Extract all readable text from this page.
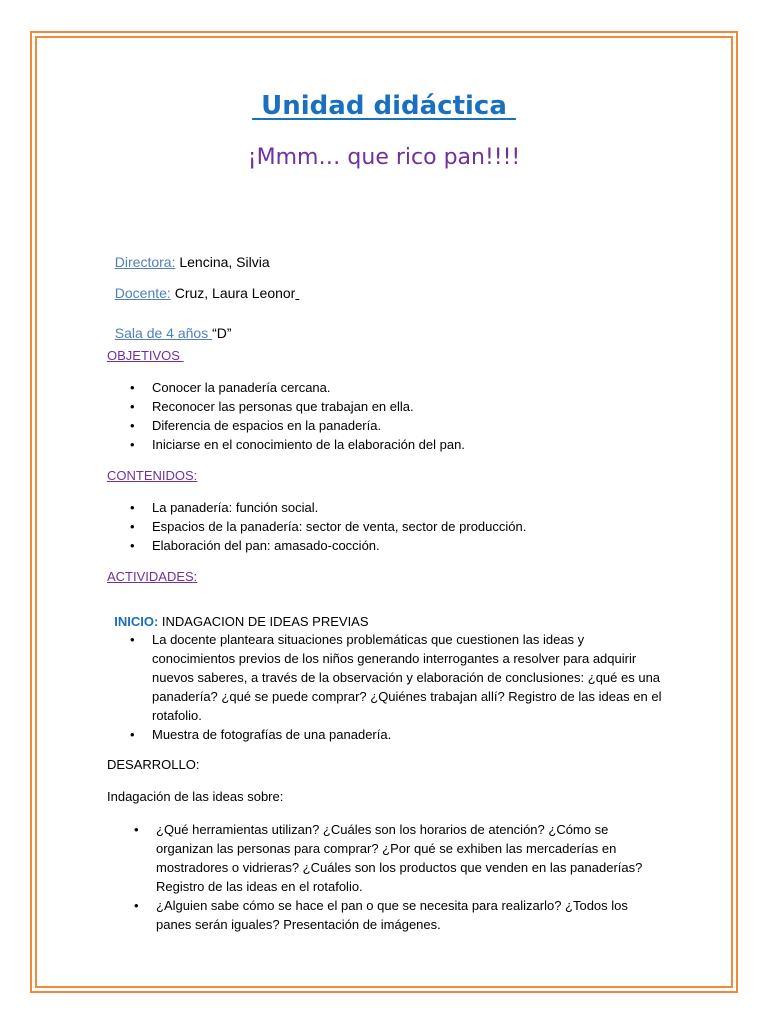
Unidad didáctica
¡Mmm… que rico pan!!!!

Directora: Lencina, Silvia

Docente: Cruz, Laura Leonor

Sala de 4 años “D”

OBJETIVOS
• Conocer la panadería cercana.
• Reconocer las personas que trabajan en ella.
• Diferencia de espacios en la panadería.
• Iniciarse en el conocimiento de la elaboración del pan.
CONTENIDOS:
• La panadería: función social.
• Espacios de la panadería: sector de venta, sector de producción.
• Elaboración del pan: amasado-cocción.
ACTIVIDADES:

INICIO: INDAGACION DE IDEAS PREVIAS

• La docente planteara situaciones problemáticas que cuestionen las ideas y conocimientos previos de los niños generando interrogantes a resolver para adquirir nuevos saberes, a través de la observación y elaboración de conclusiones: ¿qué es una panadería? ¿qué se puede comprar? ¿Quiénes trabajan allí? Registro de las ideas en el rotafolio.
• Muestra de fotografías de una panadería.
DESARROLLO:
Indagación de las ideas sobre:
• ¿Qué herramientas utilizan? ¿Cuáles son los horarios de atención? ¿Cómo se organizan las personas para comprar? ¿Por qué se exhiben las mercaderías en mostradores o vidrieras? ¿Cuáles son los productos que venden en las panaderías? Registro de las ideas en el rotafolio.
• ¿Alguien sabe cómo se hace el pan o que se necesita para realizarlo? ¿Todos los panes serán iguales? Presentación de imágenes.
